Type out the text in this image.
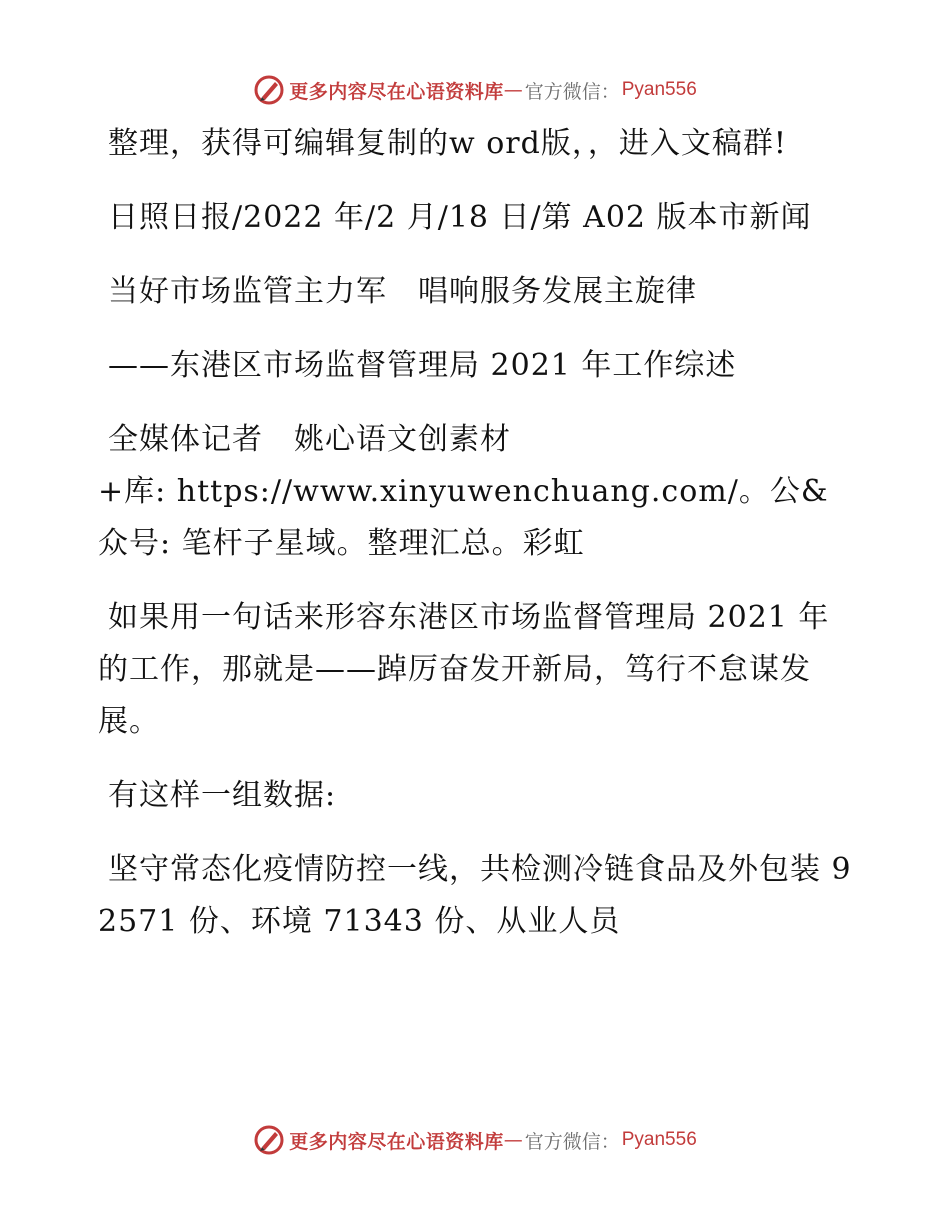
更多内容尽在心语资料库 — 官方微信： Pyan556

整理，获得可编辑复制的w ord版，，进入文稿群!

日照日报/2022 年/2 月/18 日/第 A02 版本市新闻

当好市场监管主力军　唱响服务发展主旋律

——东港区市场监督管理局 2021 年工作综述

全媒体记者　姚心语文创素材

+库: https://www.xinyuwenchuang.com/。公&众号: 笔杆子星域。整理汇总。彩虹

如果用一句话来形容东港区市场监督管理局 2021 年的工作，那就是——踔厉奋发开新局，笃行不怠谋发展。

有这样一组数据:

坚守常态化疫情防控一线，共检测冷链食品及外包装 92571 份、环境 71343 份、从业人员

更多内容尽在心语资料库 — 官方微信： Pyan556
